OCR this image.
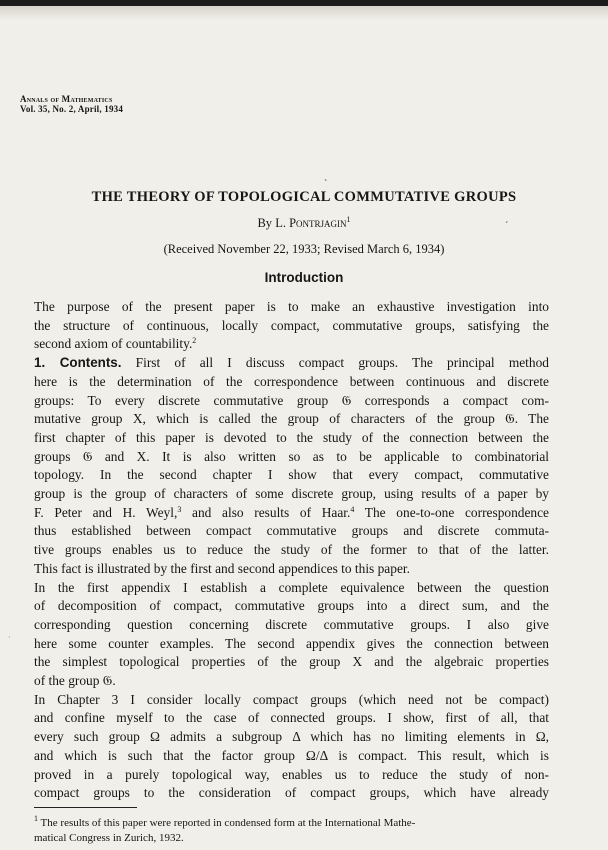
Annals of Mathematics
Vol. 35, No. 2, April, 1934
ˋ
THE THEORY OF TOPOLOGICAL COMMUTATIVE GROUPS
By L. Pontrjagin$^1$
ˊ
(Received November 22, 1933; Revised March 6, 1934)
Introduction

The purpose of the present paper is to make an exhaustive investigation into
the structure of continuous, locally compact, commutative groups, satisfying the
second axiom of countability.$^2$

1. Contents. First of all I discuss compact groups. The principal method
here is the determination of the correspondence between continuous and discrete
groups: To every discrete commutative group 𝔊 corresponds a compact com-
mutative group X, which is called the group of characters of the group 𝔊. The
first chapter of this paper is devoted to the study of the connection between the
groups 𝔊 and X. It is also written so as to be applicable to combinatorial
topology. In the second chapter I show that every compact, commutative
group is the group of characters of some discrete group, using results of a paper by
F. Peter and H. Weyl,$^3$ and also results of Haar.$^4$ The one-to-one correspondence
thus established between compact commutative groups and discrete commuta-
tive groups enables us to reduce the study of the former to that of the latter.
This fact is illustrated by the first and second appendices to this paper.

In the first appendix I establish a complete equivalence between the question
of decomposition of compact, commutative groups into a direct sum, and the
corresponding question concerning discrete commutative groups. I also give
here some counter examples. The second appendix gives the connection between
the simplest topological properties of the group X and the algebraic properties
of the group 𝔊.

In Chapter 3 I consider locally compact groups (which need not be compact)
and confine myself to the case of connected groups. I show, first of all, that
every such group Ω admits a subgroup Δ which has no limiting elements in Ω,
and which is such that the factor group Ω/Δ is compact. This result, which is
proved in a purely topological way, enables us to reduce the study of non-
compact groups to the consideration of compact groups, which have already

·
$^1$ The results of this paper were reported in condensed form at the International Mathe-
matical Congress in Zurich, 1932.
